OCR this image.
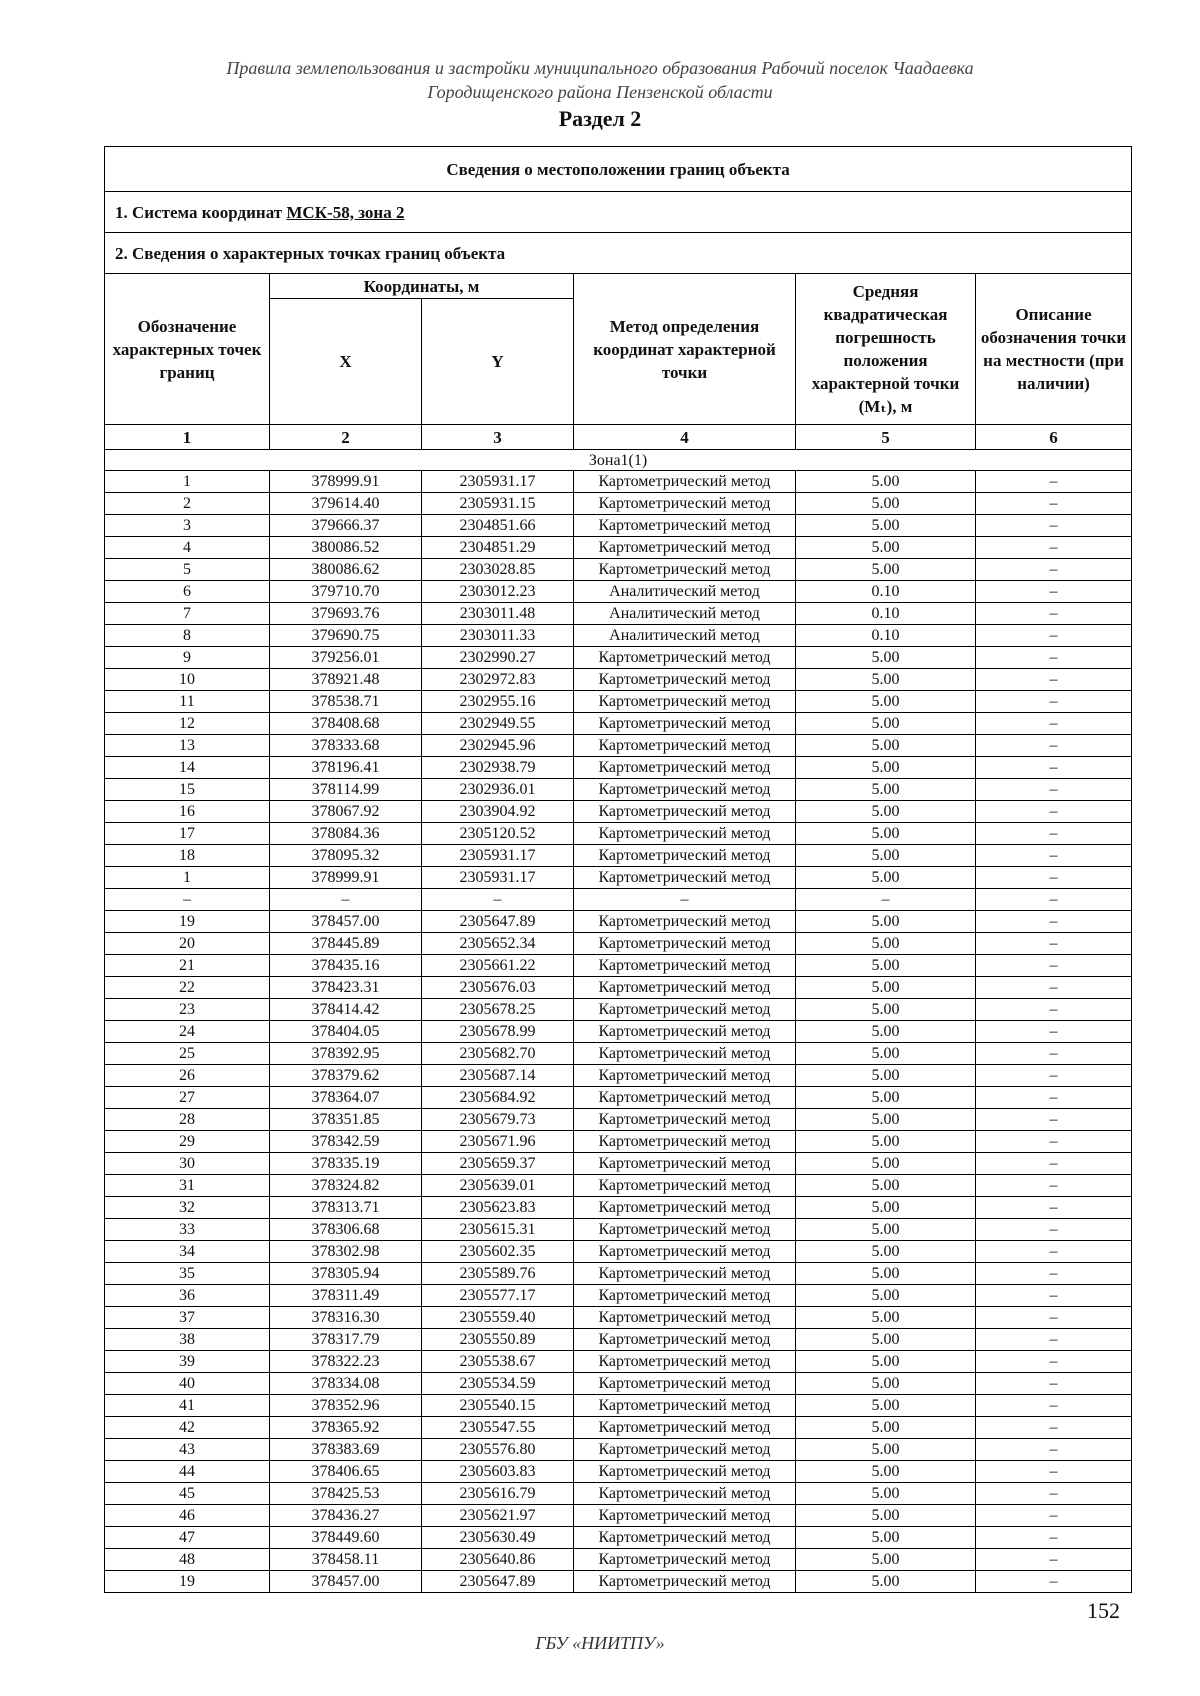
Правила землепользования и застройки муниципального образования Рабочий поселок Чаадаевка
Городищенского района Пензенской области
Раздел 2
Сведения о местоположении границ объекта					
1. Система координат МСК-58, зона 2					
2. Сведения о характерных точках границ объекта					
Обозначение характерных точек границ	Координаты, м		Метод определения координат характерной точки	Средняя квадратическая погрешность положения характерной точки (Mₜ), м	Описание обозначения точки на местности (при наличии)
	X	Y			
1	2	3	4	5	6
Зона1(1)					
1	378999.91	2305931.17	Картометрический метод	5.00	–
2	379614.40	2305931.15	Картометрический метод	5.00	–
3	379666.37	2304851.66	Картометрический метод	5.00	–
4	380086.52	2304851.29	Картометрический метод	5.00	–
5	380086.62	2303028.85	Картометрический метод	5.00	–
6	379710.70	2303012.23	Аналитический метод	0.10	–
7	379693.76	2303011.48	Аналитический метод	0.10	–
8	379690.75	2303011.33	Аналитический метод	0.10	–
9	379256.01	2302990.27	Картометрический метод	5.00	–
10	378921.48	2302972.83	Картометрический метод	5.00	–
11	378538.71	2302955.16	Картометрический метод	5.00	–
12	378408.68	2302949.55	Картометрический метод	5.00	–
13	378333.68	2302945.96	Картометрический метод	5.00	–
14	378196.41	2302938.79	Картометрический метод	5.00	–
15	378114.99	2302936.01	Картометрический метод	5.00	–
16	378067.92	2303904.92	Картометрический метод	5.00	–
17	378084.36	2305120.52	Картометрический метод	5.00	–
18	378095.32	2305931.17	Картометрический метод	5.00	–
1	378999.91	2305931.17	Картометрический метод	5.00	–
–	–	–	–	–	–
19	378457.00	2305647.89	Картометрический метод	5.00	–
20	378445.89	2305652.34	Картометрический метод	5.00	–
21	378435.16	2305661.22	Картометрический метод	5.00	–
22	378423.31	2305676.03	Картометрический метод	5.00	–
23	378414.42	2305678.25	Картометрический метод	5.00	–
24	378404.05	2305678.99	Картометрический метод	5.00	–
25	378392.95	2305682.70	Картометрический метод	5.00	–
26	378379.62	2305687.14	Картометрический метод	5.00	–
27	378364.07	2305684.92	Картометрический метод	5.00	–
28	378351.85	2305679.73	Картометрический метод	5.00	–
29	378342.59	2305671.96	Картометрический метод	5.00	–
30	378335.19	2305659.37	Картометрический метод	5.00	–
31	378324.82	2305639.01	Картометрический метод	5.00	–
32	378313.71	2305623.83	Картометрический метод	5.00	–
33	378306.68	2305615.31	Картометрический метод	5.00	–
34	378302.98	2305602.35	Картометрический метод	5.00	–
35	378305.94	2305589.76	Картометрический метод	5.00	–
36	378311.49	2305577.17	Картометрический метод	5.00	–
37	378316.30	2305559.40	Картометрический метод	5.00	–
38	378317.79	2305550.89	Картометрический метод	5.00	–
39	378322.23	2305538.67	Картометрический метод	5.00	–
40	378334.08	2305534.59	Картометрический метод	5.00	–
41	378352.96	2305540.15	Картометрический метод	5.00	–
42	378365.92	2305547.55	Картометрический метод	5.00	–
43	378383.69	2305576.80	Картометрический метод	5.00	–
44	378406.65	2305603.83	Картометрический метод	5.00	–
45	378425.53	2305616.79	Картометрический метод	5.00	–
46	378436.27	2305621.97	Картометрический метод	5.00	–
47	378449.60	2305630.49	Картометрический метод	5.00	–
48	378458.11	2305640.86	Картометрический метод	5.00	–
19	378457.00	2305647.89	Картометрический метод	5.00	–
152
ГБУ «НИИТПУ»
